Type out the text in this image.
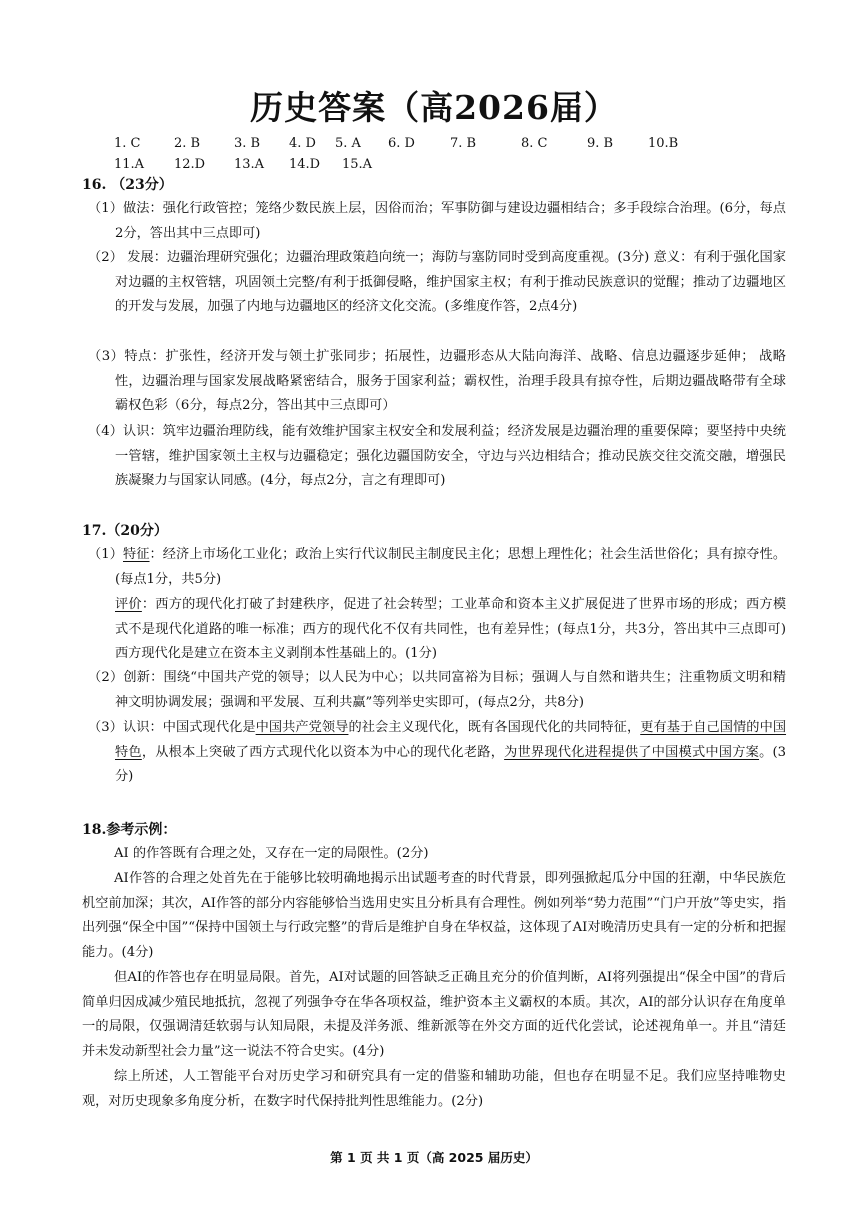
历史答案（高2026届）
1. C	2. B	3. B 4. D 5. A 6. D	7. B	8. C	9. B	10.B
11.A 12.D 13.A 14.D 15.A
16. （23分）
（1）做法：强化行政管控；笼络少数民族上层，因俗而治；军事防御与建设边疆相结合；多手段综合治理。(6分，每点2分，答出其中三点即可)
（2） 发展：边疆治理研究强化；边疆治理政策趋向统一；海防与塞防同时受到高度重视。(3分) 意义：有利于强化国家对边疆的主权管辖，巩固领土完整/有利于抵御侵略，维护国家主权；有利于推动民族意识的觉醒；推动了边疆地区的开发与发展，加强了内地与边疆地区的经济文化交流。(多维度作答，2点4分)
（3）特点：扩张性，经济开发与领土扩张同步；拓展性，边疆形态从大陆向海洋、战略、信息边疆逐步延伸； 战略性，边疆治理与国家发展战略紧密结合，服务于国家利益；霸权性，治理手段具有掠夺性，后期边疆战略带有全球霸权色彩（6分，每点2分，答出其中三点即可）
（4）认识：筑牢边疆治理防线，能有效维护国家主权安全和发展利益；经济发展是边疆治理的重要保障；要坚持中央统一管辖，维护国家领土主权与边疆稳定；强化边疆国防安全，守边与兴边相结合；推动民族交往交流交融，增强民族凝聚力与国家认同感。(4分，每点2分，言之有理即可)
17.（20分）
（1）特征：经济上市场化工业化；政治上实行代议制民主制度民主化；思想上理性化；社会生活世俗化；具有掠夺性。(每点1分，共5分)
评价：西方的现代化打破了封建秩序，促进了社会转型；工业革命和资本主义扩展促进了世界市场的形成；西方模式不是现代化道路的唯一标准；西方的现代化不仅有共同性，也有差异性；(每点1分，共3分，答出其中三点即可) 西方现代化是建立在资本主义剥削本性基础上的。(1分)
（2）创新：围绕“中国共产党的领导；以人民为中心；以共同富裕为目标；强调人与自然和谐共生；注重物质文明和精神文明协调发展；强调和平发展、互利共赢”等列举史实即可，(每点2分，共8分)
（3）认识：中国式现代化是中国共产党领导的社会主义现代化，既有各国现代化的共同特征，更有基于自己国情的中国特色，从根本上突破了西方式现代化以资本为中心的现代化老路，为世界现代化进程提供了中国模式中国方案。(3分)
18.参考示例：
AI 的作答既有合理之处，又存在一定的局限性。(2分)
AI作答的合理之处首先在于能够比较明确地揭示出试题考查的时代背景，即列强掀起瓜分中国的狂潮，中华民族危机空前加深；其次，AI作答的部分内容能够恰当选用史实且分析具有合理性。例如列举“势力范围”“门户开放”等史实，指出列强“保全中国”“保持中国领土与行政完整”的背后是维护自身在华权益，这体现了AI对晚清历史具有一定的分析和把握能力。(4分)
但AI的作答也存在明显局限。首先，AI对试题的回答缺乏正确且充分的价值判断，AI将列强提出“保全中国”的背后简单归因成减少殖民地抵抗，忽视了列强争夺在华各项权益，维护资本主义霸权的本质。其次，AI的部分认识存在角度单一的局限，仅强调清廷软弱与认知局限，未提及洋务派、维新派等在外交方面的近代化尝试，论述视角单一。并且“清廷并未发动新型社会力量”这一说法不符合史实。(4分)
综上所述，人工智能平台对历史学习和研究具有一定的借鉴和辅助功能，但也存在明显不足。我们应坚持唯物史观，对历史现象多角度分析，在数字时代保持批判性思维能力。(2分)
第 1 页 共 1 页（高 2025 届历史）
